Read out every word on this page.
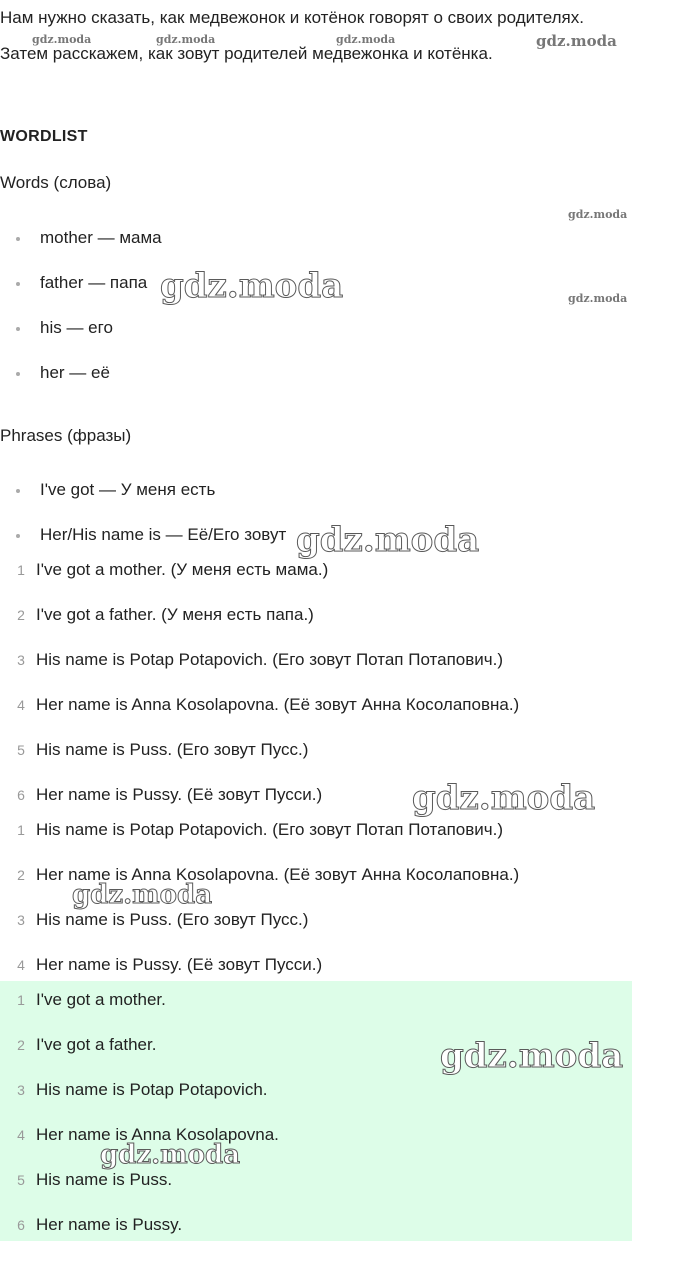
Нам нужно сказать, как медвежонок и котёнок говорят о своих родителях.
Затем расскажем, как зовут родителей медвежонка и котёнка.
WORDLIST
Words (слова)
mother — мама
father — папа
his — его
her — её
Phrases (фразы)
I've got — У меня есть
Her/His name is — Её/Его зовут
1 I've got a mother. (У меня есть мама.)
2 I've got a father. (У меня есть папа.)
3 His name is Potap Potapovich. (Его зовут Потап Потапович.)
4 Her name is Anna Kosolapovna. (Её зовут Анна Косолаповна.)
5 His name is Puss. (Его зовут Пусс.)
6 Her name is Pussy. (Её зовут Пусси.)
1 His name is Potap Potapovich. (Его зовут Потап Потапович.)
2 Her name is Anna Kosolapovna. (Её зовут Анна Косолаповна.)
3 His name is Puss. (Его зовут Пусс.)
4 Her name is Pussy. (Её зовут Пусси.)
1 I've got a mother.
2 I've got a father.
3 His name is Potap Potapovich.
4 Her name is Anna Kosolapovna.
5 His name is Puss.
6 Her name is Pussy.
gdz.moda	gdz.moda	gdz.moda	gdz.moda
gdz.moda
gdz.moda
gdz.moda
gdz.moda
gdz.moda
gdz.moda
gdz.moda
gdz.moda
